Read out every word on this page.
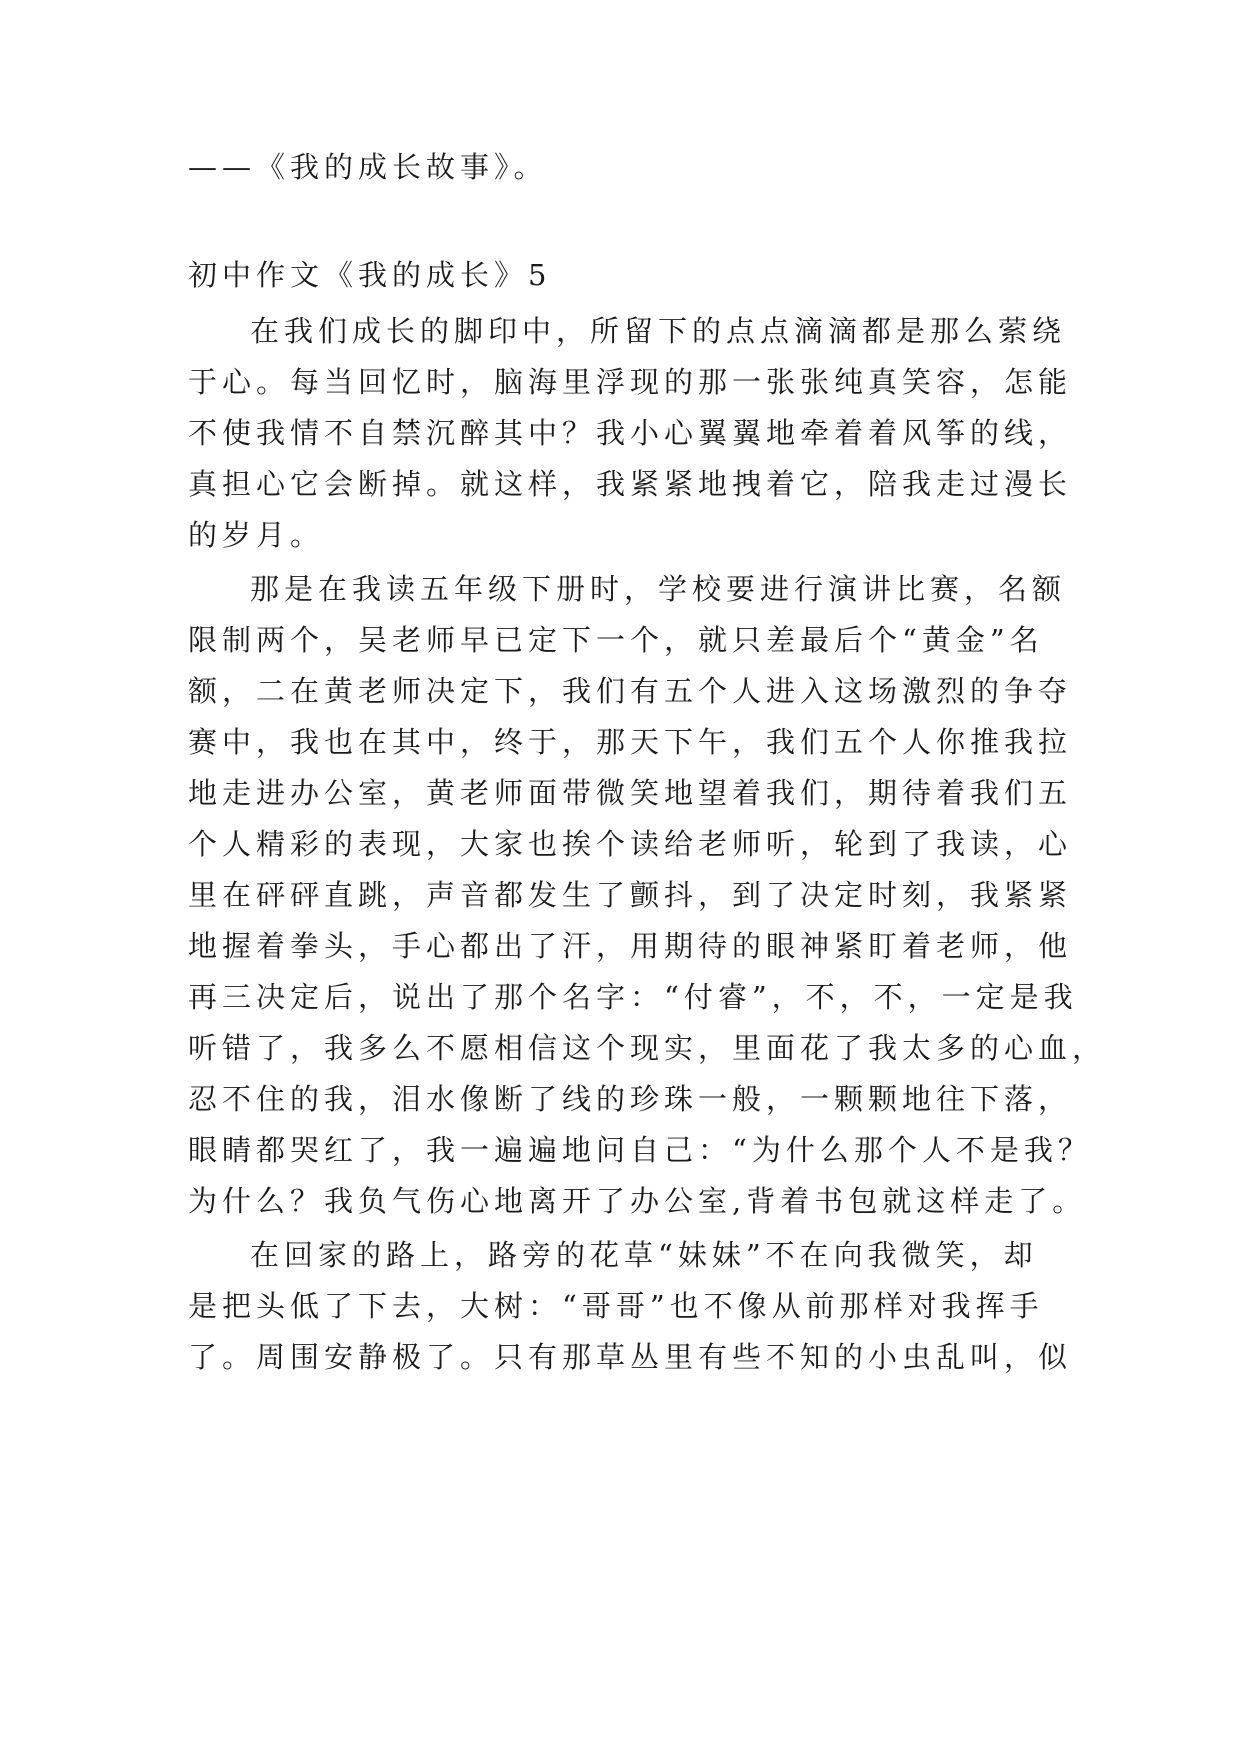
——《我的成长故事》。

初中作文《我的成长》5

在我们成长的脚印中，所留下的点点滴滴都是那么萦绕

于心。每当回忆时，脑海里浮现的那一张张纯真笑容，怎能

不使我情不自禁沉醉其中？我小心翼翼地牵着着风筝的线，

真担心它会断掉。就这样，我紧紧地拽着它，陪我走过漫长

的岁月。

那是在我读五年级下册时，学校要进行演讲比赛，名额

限制两个，吴老师早已定下一个，就只差最后个“黄金”名

额，二在黄老师决定下，我们有五个人进入这场激烈的争夺

赛中，我也在其中，终于，那天下午，我们五个人你推我拉

地走进办公室，黄老师面带微笑地望着我们，期待着我们五

个人精彩的表现，大家也挨个读给老师听，轮到了我读，心

里在砰砰直跳，声音都发生了颤抖，到了决定时刻，我紧紧

地握着拳头，手心都出了汗，用期待的眼神紧盯着老师，他

再三决定后，说出了那个名字：“付睿”，不，不，一定是我

听错了，我多么不愿相信这个现实，里面花了我太多的心血，

忍不住的我，泪水像断了线的珍珠一般，一颗颗地往下落，

眼睛都哭红了，我一遍遍地问自己：“为什么那个人不是我？

为什么？我负气伤心地离开了办公室,背着书包就这样走了。

在回家的路上，路旁的花草“妹妹”不在向我微笑，却

是把头低了下去，大树：“哥哥”也不像从前那样对我挥手

了。周围安静极了。只有那草丛里有些不知的小虫乱叫，似
